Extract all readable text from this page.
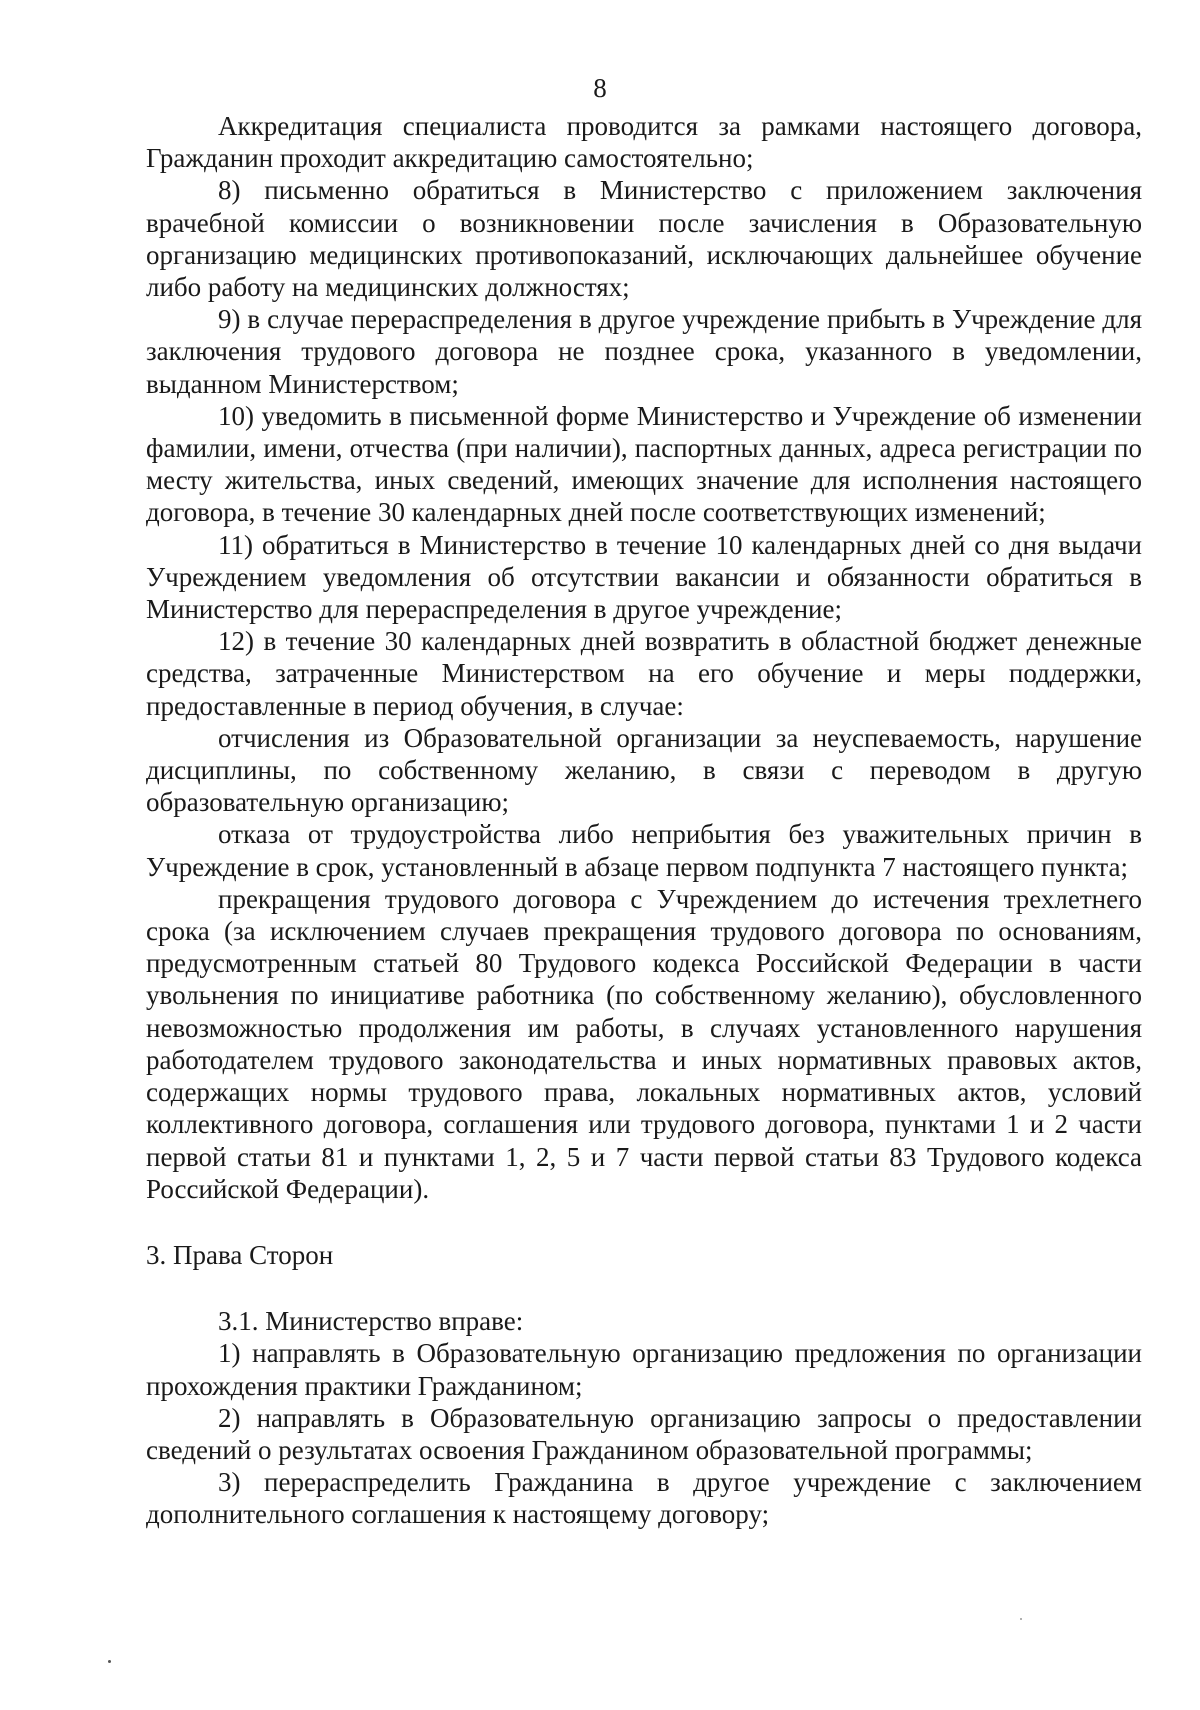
8

Аккредитация специалиста проводится за рамками настоящего договора, Гражданин проходит аккредитацию самостоятельно;

8) письменно обратиться в Министерство с приложением заключения врачебной комиссии о возникновении после зачисления в Образовательную организацию медицинских противопоказаний, исключающих дальнейшее обучение либо работу на медицинских должностях;

9) в случае перераспределения в другое учреждение прибыть в Учреждение для заключения трудового договора не позднее срока, указанного в уведомлении, выданном Министерством;

10) уведомить в письменной форме Министерство и Учреждение об изменении фамилии, имени, отчества (при наличии), паспортных данных, адреса регистрации по месту жительства, иных сведений, имеющих значение для исполнения настоящего договора, в течение 30 календарных дней после соответствующих изменений;

11) обратиться в Министерство в течение 10 календарных дней со дня выдачи Учреждением уведомления об отсутствии вакансии и обязанности обратиться в Министерство для перераспределения в другое учреждение;

12) в течение 30 календарных дней возвратить в областной бюджет денежные средства, затраченные Министерством на его обучение и меры поддержки, предоставленные в период обучения, в случае:

отчисления из Образовательной организации за неуспеваемость, нарушение дисциплины, по собственному желанию, в связи с переводом в другую образовательную организацию;

отказа от трудоустройства либо неприбытия без уважительных причин в Учреждение в срок, установленный в абзаце первом подпункта 7 настоящего пункта;

прекращения трудового договора с Учреждением до истечения трехлетнего срока (за исключением случаев прекращения трудового договора по основаниям, предусмотренным статьей 80 Трудового кодекса Российской Федерации в части увольнения по инициативе работника (по собственному желанию), обусловленного невозможностью продолжения им работы, в случаях установленного нарушения работодателем трудового законодательства и иных нормативных правовых актов, содержащих нормы трудового права, локальных нормативных актов, условий коллективного договора, соглашения или трудового договора, пунктами 1 и 2 части первой статьи 81 и пунктами 1, 2, 5 и 7 части первой статьи 83 Трудового кодекса Российской Федерации).

3. Права Сторон

3.1. Министерство вправе:

1) направлять в Образовательную организацию предложения по организации прохождения практики Гражданином;

2) направлять в Образовательную организацию запросы о предоставлении сведений о результатах освоения Гражданином образовательной программы;

3) перераспределить Гражданина в другое учреждение с заключением дополнительного соглашения к настоящему договору;
